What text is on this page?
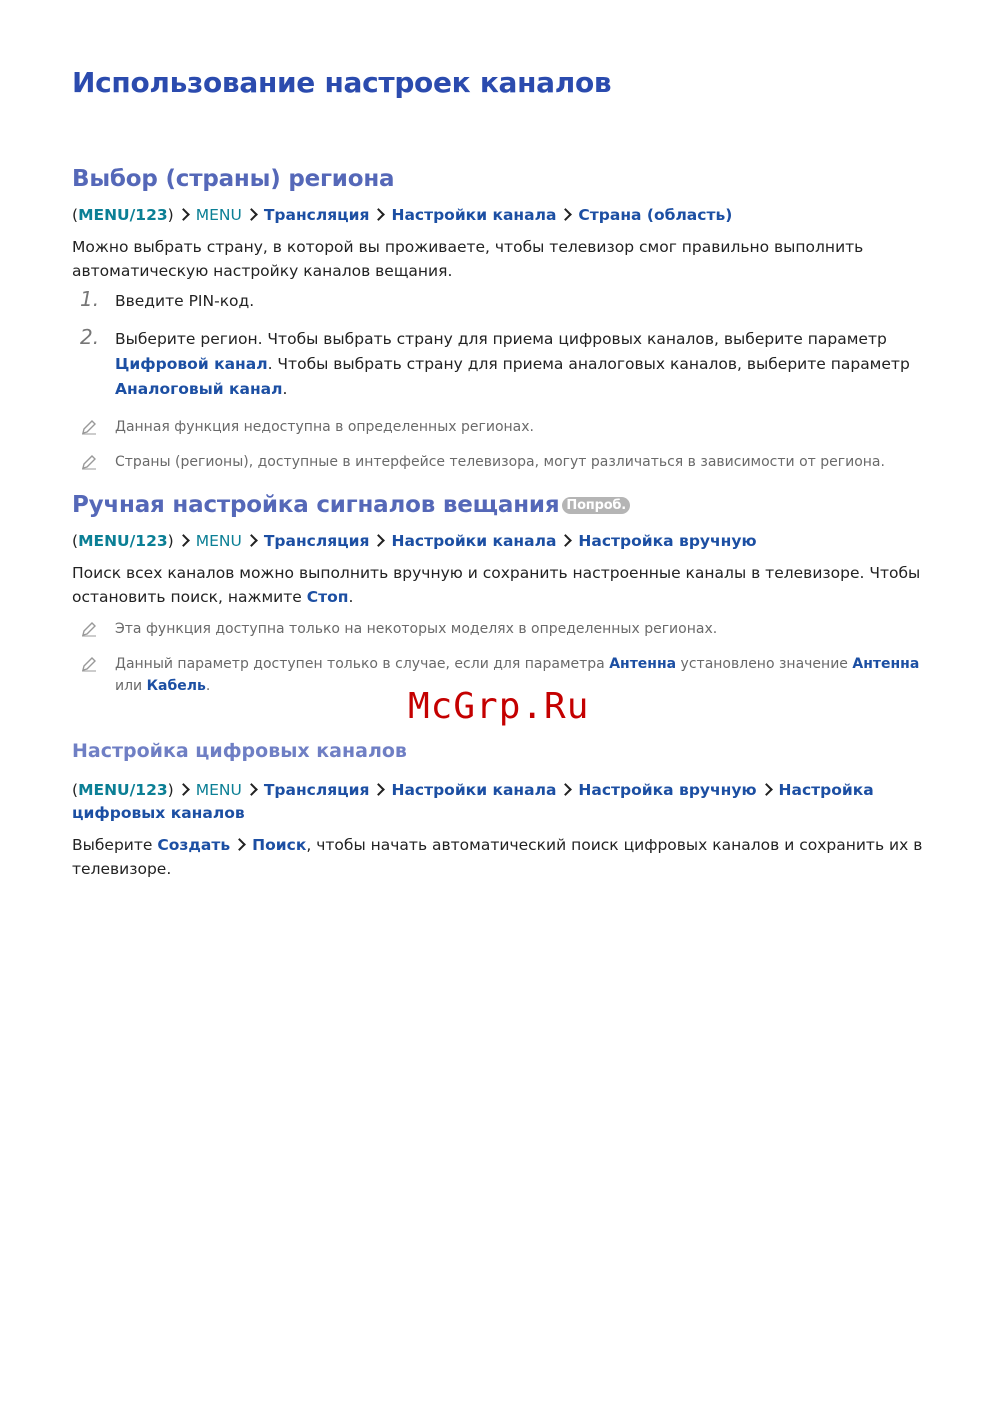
Использование настроек каналов
Выбор (страны) региона

(MENU/123) MENU Трансляция Настройки канала Страна (область)

Можно выбрать страну, в которой вы проживаете, чтобы телевизор смог правильно выполнить автоматическую настройку каналов вещания.

1. Введите PIN-код.
2. Выберите регион. Чтобы выбрать страну для приема цифровых каналов, выберите параметр Цифровой канал. Чтобы выбрать страну для приема аналоговых каналов, выберите параметр Аналоговый канал.
Данная функция недоступна в определенных регионах.
Страны (регионы), доступные в интерфейсе телевизора, могут различаться в зависимости от региона.
Ручная настройка сигналов вещания Попроб.

(MENU/123) MENU Трансляция Настройки канала Настройка вручную

Поиск всех каналов можно выполнить вручную и сохранить настроенные каналы в телевизоре. Чтобы остановить поиск, нажмите Стоп.

Эта функция доступна только на некоторых моделях в определенных регионах.
Данный параметр доступен только в случае, если для параметра Антенна установлено значение Антенна или Кабель.
Настройка цифровых каналов

(MENU/123) MENU Трансляция Настройки канала Настройка вручную Настройка цифровых каналов

Выберите Создать Поиск, чтобы начать автоматический поиск цифровых каналов и сохранить их в телевизоре.

McGrp.Ru
